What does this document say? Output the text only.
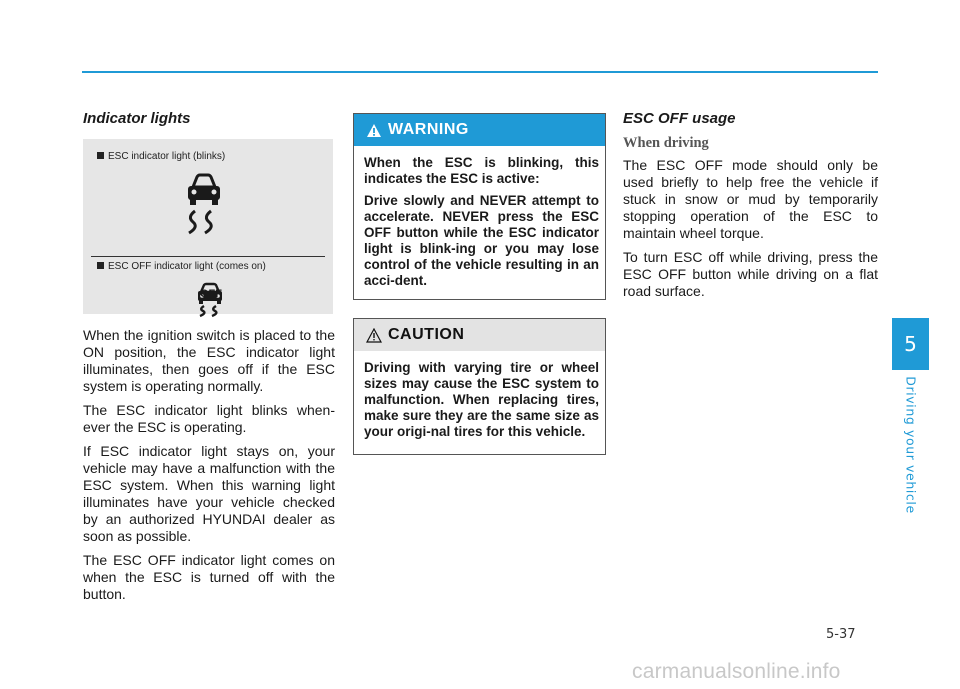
Indicator lights
ESC indicator light (blinks)
ESC OFF indicator light (comes on)
OFF

When the ignition switch is placed to the ON position, the ESC indicator light illuminates, then goes off if the ESC system is operating normally.

The ESC indicator light blinks when-ever the ESC is operating.

If ESC indicator light stays on, your vehicle may have a malfunction with the ESC system. When this warning light illuminates have your vehicle checked by an authorized HYUNDAI dealer as soon as possible.

The ESC OFF indicator light comes on when the ESC is turned off with the button.

WARNING

When the ESC is blinking, this indicates the ESC is active:

Drive slowly and NEVER attempt to accelerate. NEVER press the ESC OFF button while the ESC indicator light is blink-ing or you may lose control of the vehicle resulting in an acci-dent.

CAUTION

Driving with varying tire or wheel sizes may cause the ESC system to malfunction. When replacing tires, make sure they are the same size as your origi-nal tires for this vehicle.

ESC OFF usage
When driving

The ESC OFF mode should only be used briefly to help free the vehicle if stuck in snow or mud by temporarily stopping operation of the ESC to maintain wheel torque.

To turn ESC off while driving, press the ESC OFF button while driving on a flat road surface.

5
Driving your vehicle
5-37
carmanualsonline.info
